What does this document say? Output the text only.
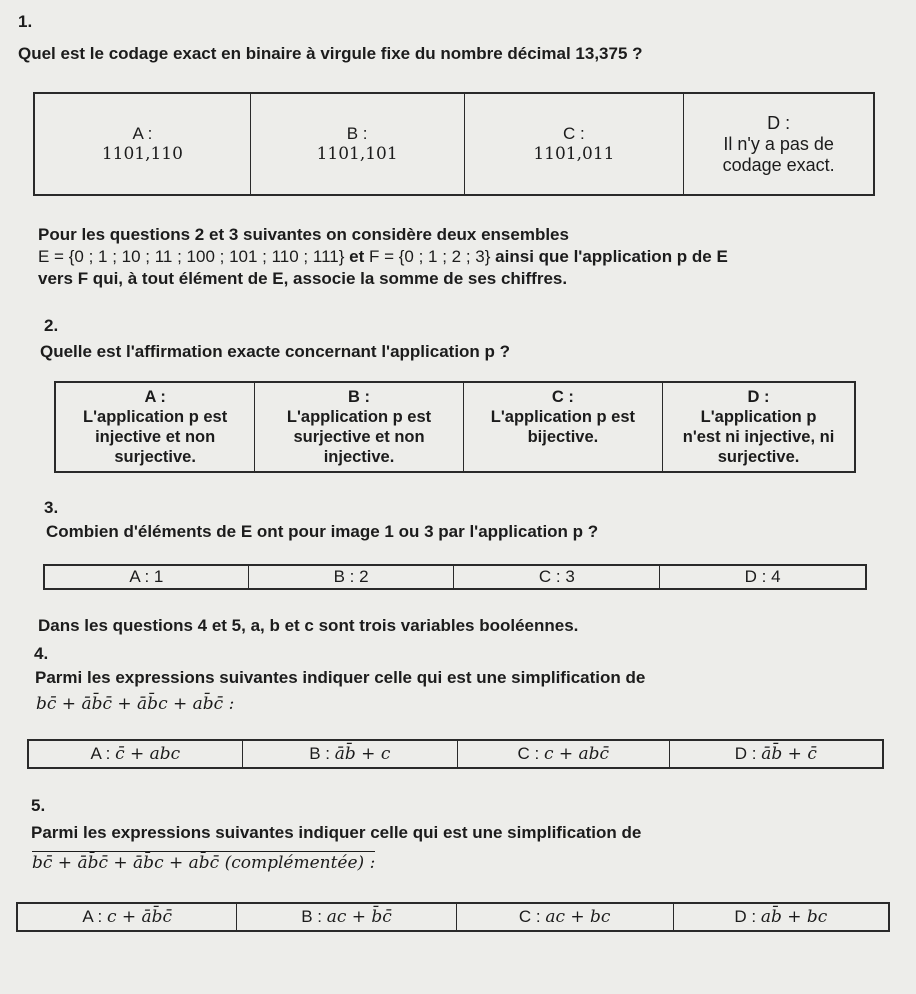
1.
Quel est le codage exact en binaire à virgule fixe du nombre décimal 13,375 ?
A :
1101,110

B :
1101,101

C :
1101,011

D :
Il n'y a pas de
codage exact.
Pour les questions 2 et 3 suivantes on considère deux ensembles
E = {0 ; 1 ; 10 ; 11 ; 100 ; 101 ; 110 ; 111} et F = {0 ; 1 ; 2 ; 3} ainsi que l'application p de E
vers F qui, à tout élément de E, associe la somme de ses chiffres.
2.
Quelle est l'affirmation exacte concernant l'application p ?
A :
L'application p est
injective et non
surjective.

B :
L'application p est
surjective et non
injective.

C :
L'application p est
bijective.

D :
L'application p
n'est ni injective, ni
surjective.
3.
Combien d'éléments de E ont pour image 1 ou 3 par l'application p ?
A : 1	B : 2	C : 3	D : 4
Dans les questions 4 et 5, a, b et c sont trois variables booléennes.
4.
Parmi les expressions suivantes indiquer celle qui est une simplification de
bc̄ + āb̄c̄ + āb̄c + ab̄c̄ :
A : c̄ + abc	B : āb̄ + c	C : c + abc̄	D : āb̄ + c̄
5.
Parmi les expressions suivantes indiquer celle qui est une simplification de
bc̄ + āb̄c̄ + āb̄c + ab̄c̄ (complémentée) :
A : c + āb̄c̄	B : ac + b̄c̄	C : ac + bc	D : ab̄ + bc
